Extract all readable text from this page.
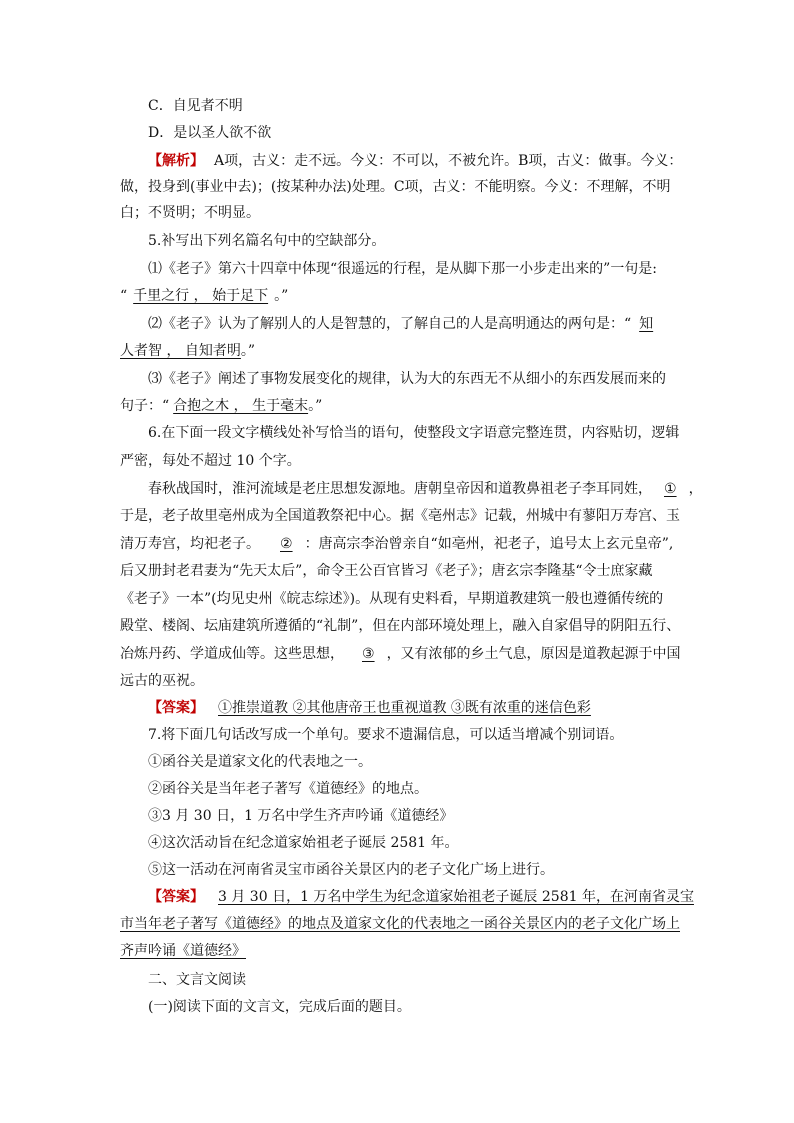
C．自见者不明
D．是以圣人欲不欲
【解析】 A项，古义：走不远。今义：不可以，不被允许。B项，古义：做事。今义：
做，投身到(事业中去)；(按某种办法)处理。C项，古义：不能明察。今义：不理解，不明
白；不贤明；不明显。
5.补写出下列名篇名句中的空缺部分。
⑴《老子》第六十四章中体现“很遥远的行程，是从脚下那一小步走出来的”一句是:
“ 千里之行 ， 始于足下 。”
⑵《老子》认为了解别人的人是智慧的，了解自己的人是高明通达的两句是：“ 知
人者智 ， 自知者明。”
⑶《老子》阐述了事物发展变化的规律，认为大的东西无不从细小的东西发展而来的
句子：“ 合抱之木 ， 生于毫末。”
6.在下面一段文字横线处补写恰当的语句，使整段文字语意完整连贯，内容贴切，逻辑
严密，每处不超过 10 个字。
春秋战国时，淮河流域是老庄思想发源地。唐朝皇帝因和道教鼻祖老子李耳同姓， ① ，
于是，老子故里亳州成为全国道教祭祀中心。据《亳州志》记载，州城中有蓼阳万寿宫、玉
清万寿宫，均祀老子。 ② ：唐高宗李治曾亲自“如亳州，祀老子，追号太上玄元皇帝”,
后又册封老君妻为“先天太后”，命令王公百官皆习《老子》；唐玄宗李隆基“令士庶家藏
《老子》一本”(均见史州《皖志综述》)。从现有史料看，早期道教建筑一般也遵循传统的
殿堂、楼阁、坛庙建筑所遵循的“礼制”，但在内部环境处理上，融入自家倡导的阴阳五行、
冶炼丹药、学道成仙等。这些思想， ③ ，又有浓郁的乡土气息，原因是道教起源于中国
远古的巫祝。
【答案】 ①推崇道教 ②其他唐帝王也重视道教 ③既有浓重的迷信色彩
7.将下面几句话改写成一个单句。要求不遗漏信息，可以适当增减个别词语。
①函谷关是道家文化的代表地之一。
②函谷关是当年老子著写《道德经》的地点。
③3 月 30 日，1 万名中学生齐声吟诵《道德经》
④这次活动旨在纪念道家始祖老子诞辰 2581 年。
⑤这一活动在河南省灵宝市函谷关景区内的老子文化广场上进行。
【答案】 3 月 30 日，1 万名中学生为纪念道家始祖老子诞辰 2581 年，在河南省灵宝
市当年老子著写《道德经》的地点及道家文化的代表地之一函谷关景区内的老子文化广场上
齐声吟诵《道德经》
二、文言文阅读
(一)阅读下面的文言文，完成后面的题目。
